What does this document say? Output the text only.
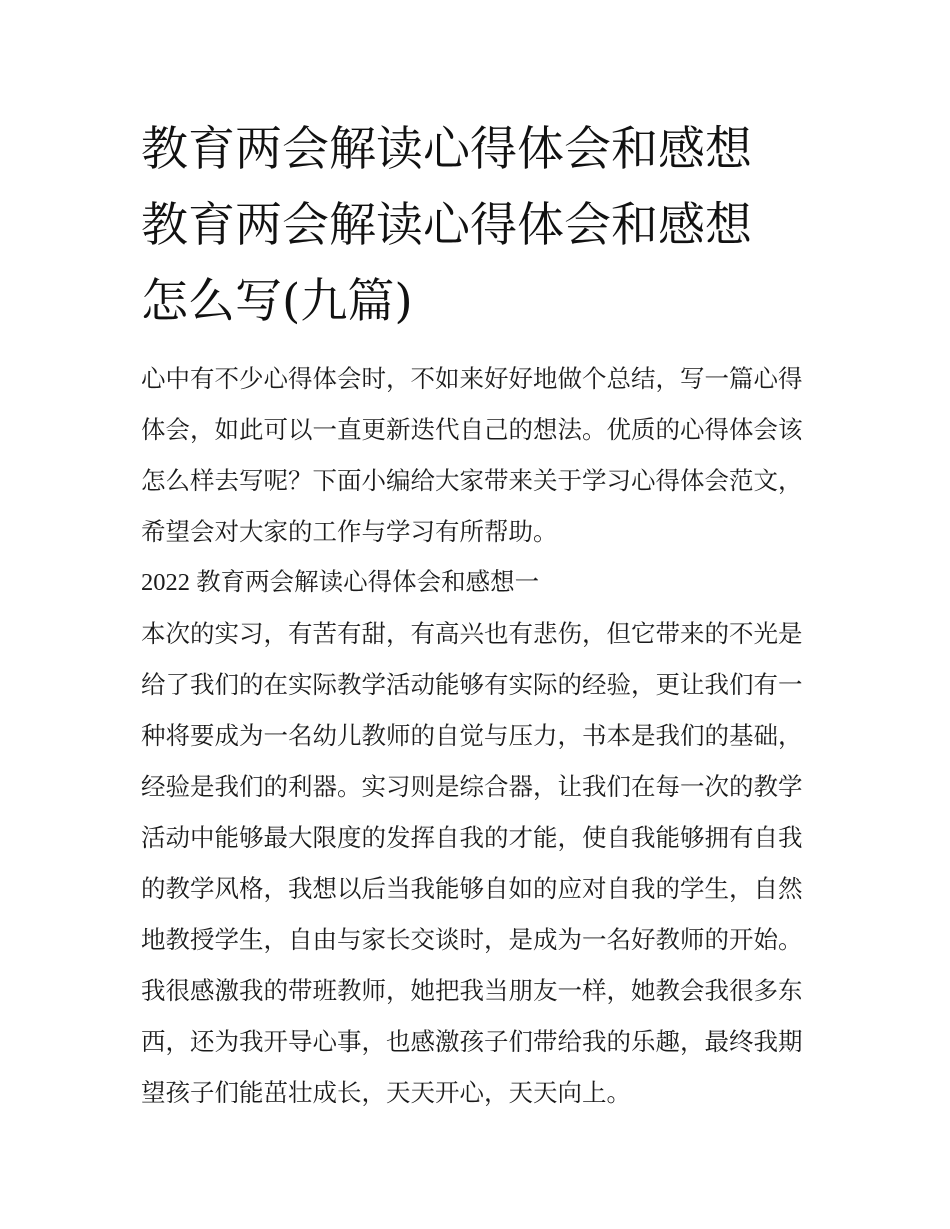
教育两会解读心得体会和感想
教育两会解读心得体会和感想
怎么写(九篇)

心中有不少心得体会时，不如来好好地做个总结，写一篇心得
体会，如此可以一直更新迭代自己的想法。优质的心得体会该
怎么样去写呢？下面小编给大家带来关于学习心得体会范文，
希望会对大家的工作与学习有所帮助。

2022 教育两会解读心得体会和感想一

本次的实习，有苦有甜，有高兴也有悲伤，但它带来的不光是
给了我们的在实际教学活动能够有实际的经验，更让我们有一
种将要成为一名幼儿教师的自觉与压力，书本是我们的基础，
经验是我们的利器。实习则是综合器，让我们在每一次的教学
活动中能够最大限度的发挥自我的才能，使自我能够拥有自我
的教学风格，我想以后当我能够自如的应对自我的学生，自然
地教授学生，自由与家长交谈时，是成为一名好教师的开始。
我很感激我的带班教师，她把我当朋友一样，她教会我很多东
西，还为我开导心事，也感激孩子们带给我的乐趣，最终我期
望孩子们能茁壮成长，天天开心，天天向上。
